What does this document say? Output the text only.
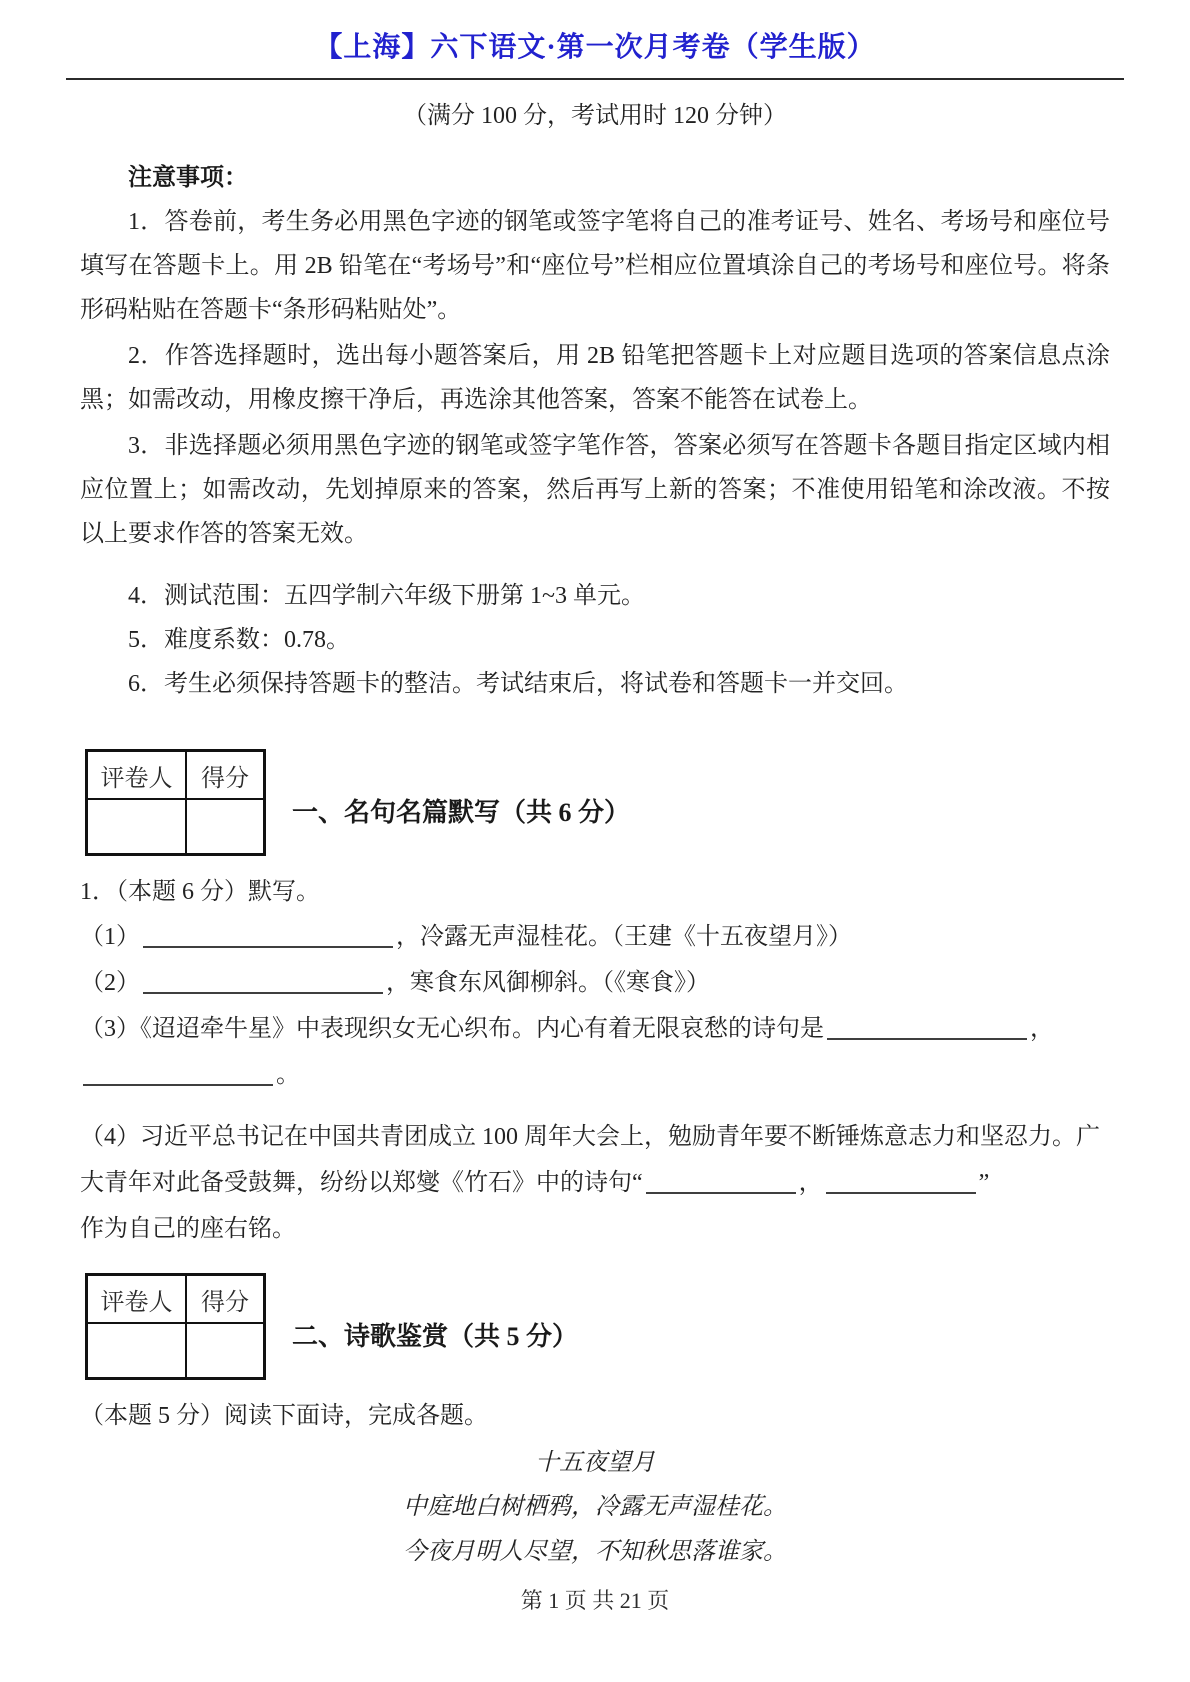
【上海】六下语文·第一次月考卷（学生版）
（满分 100 分，考试用时 120 分钟）
注意事项：

1．答卷前，考生务必用黑色字迹的钢笔或签字笔将自己的准考证号、姓名、考场号和座位号填写在答题卡上。用 2B 铅笔在“考场号”和“座位号”栏相应位置填涂自己的考场号和座位号。将条形码粘贴在答题卡“条形码粘贴处”。

2．作答选择题时，选出每小题答案后，用 2B 铅笔把答题卡上对应题目选项的答案信息点涂黑；如需改动，用橡皮擦干净后，再选涂其他答案，答案不能答在试卷上。

3．非选择题必须用黑色字迹的钢笔或签字笔作答，答案必须写在答题卡各题目指定区域内相应位置上；如需改动，先划掉原来的答案，然后再写上新的答案；不准使用铅笔和涂改液。不按以上要求作答的答案无效。

4．测试范围：五四学制六年级下册第 1~3 单元。

5．难度系数：0.78。

6．考生必须保持答题卡的整洁。考试结束后，将试卷和答题卡一并交回。

评卷人	得分

一、名句名篇默写（共 6 分）
1．（本题 6 分）默写。
（1）	，冷露无声湿桂花。（王建《十五夜望月》）
（2）	，寒食东风御柳斜。（《寒食》）
（3）《迢迢牵牛星》中表现织女无心织布。内心有着无限哀愁的诗句是	，
。
（4）习近平总书记在中国共青团成立 100 周年大会上，勉励青年要不断锤炼意志力和坚忍力。广
大青年对此备受鼓舞，纷纷以郑燮《竹石》中的诗句“	，	”
作为自己的座右铭。
评卷人	得分

二、诗歌鉴赏（共 5 分）
（本题 5 分）阅读下面诗，完成各题。
十五夜望月
中庭地白树栖鸦，冷露无声湿桂花。
今夜月明人尽望，不知秋思落谁家。
第 1 页 共 21 页
